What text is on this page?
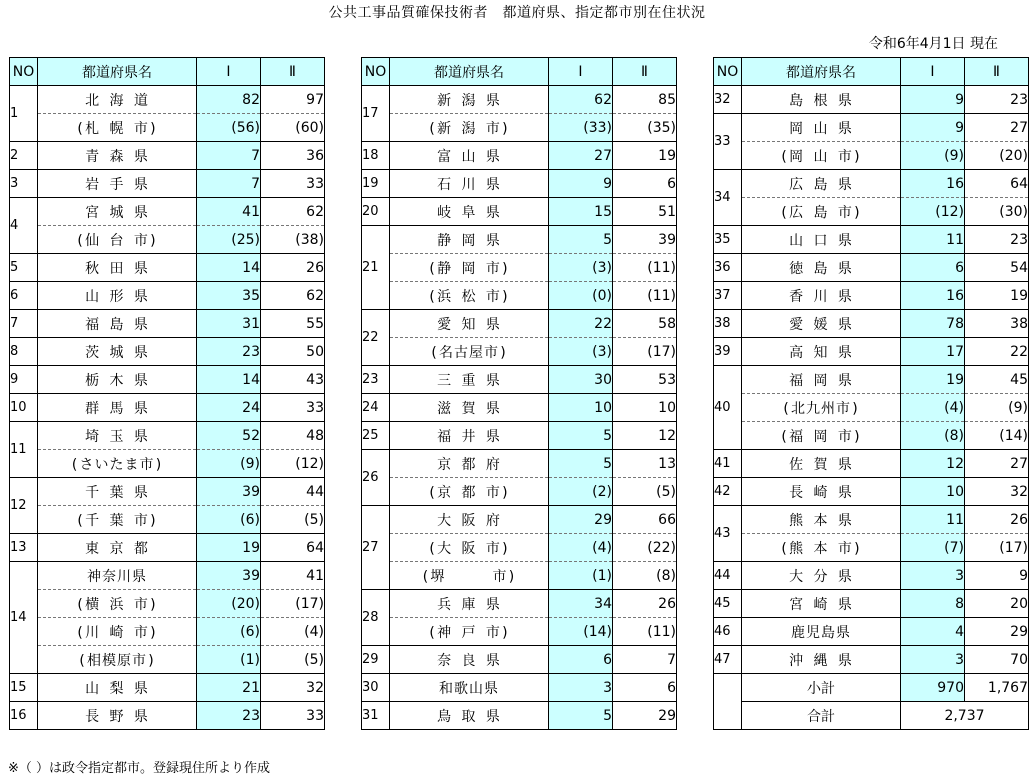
公共工事品質確保技術者　都道府県、指定都市別在住状況
令和6年4月1日 現在
NO	都道府県名	Ⅰ	Ⅱ
1	北 海 道	82	97
	(札 幌 市)	(56)	(60)
2	青 森 県	7	36
3	岩 手 県	7	33
4	宮 城 県	41	62
	(仙 台 市)	(25)	(38)
5	秋 田 県	14	26
6	山 形 県	35	62
7	福 島 県	31	55
8	茨 城 県	23	50
9	栃 木 県	14	43
10	群 馬 県	24	33
11	埼 玉 県	52	48
	(さいたま市)	(9)	(12)
12	千 葉 県	39	44
	(千 葉 市)	(6)	(5)
13	東 京 都	19	64
14	神奈川県	39	41
	(横 浜 市)	(20)	(17)
	(川 崎 市)	(6)	(4)
	(相模原市)	(1)	(5)
15	山 梨 県	21	32
16	長 野 県	23	33
NO	都道府県名	Ⅰ	Ⅱ
17	新 潟 県	62	85
	(新 潟 市)	(33)	(35)
18	富 山 県	27	19
19	石 川 県	9	6
20	岐 阜 県	15	51
21	静 岡 県	5	39
	(静 岡 市)	(3)	(11)
	(浜 松 市)	(0)	(11)
22	愛 知 県	22	58
	(名古屋市)	(3)	(17)
23	三 重 県	30	53
24	滋 賀 県	10	10
25	福 井 県	5	12
26	京 都 府	5	13
	(京 都 市)	(2)	(5)
27	大 阪 府	29	66
	(大 阪 市)	(4)	(22)
	(堺     市)	(1)	(8)
28	兵 庫 県	34	26
	(神 戸 市)	(14)	(11)
29	奈 良 県	6	7
30	和歌山県	3	6
31	鳥 取 県	5	29
NO	都道府県名	Ⅰ	Ⅱ
32	島 根 県	9	23
33	岡 山 県	9	27
	(岡 山 市)	(9)	(20)
34	広 島 県	16	64
	(広 島 市)	(12)	(30)
35	山 口 県	11	23
36	徳 島 県	6	54
37	香 川 県	16	19
38	愛 媛 県	78	38
39	高 知 県	17	22
40	福 岡 県	19	45
	(北九州市)	(4)	(9)
	(福 岡 市)	(8)	(14)
41	佐 賀 県	12	27
42	長 崎 県	10	32
43	熊 本 県	11	26
	(熊 本 市)	(7)	(17)
44	大 分 県	3	9
45	宮 崎 県	8	20
46	鹿児島県	4	29
47	沖 縄 県	3	70
	小計	970	1,767
	合計	2,737	
※（ ）は政令指定都市。登録現住所より作成
